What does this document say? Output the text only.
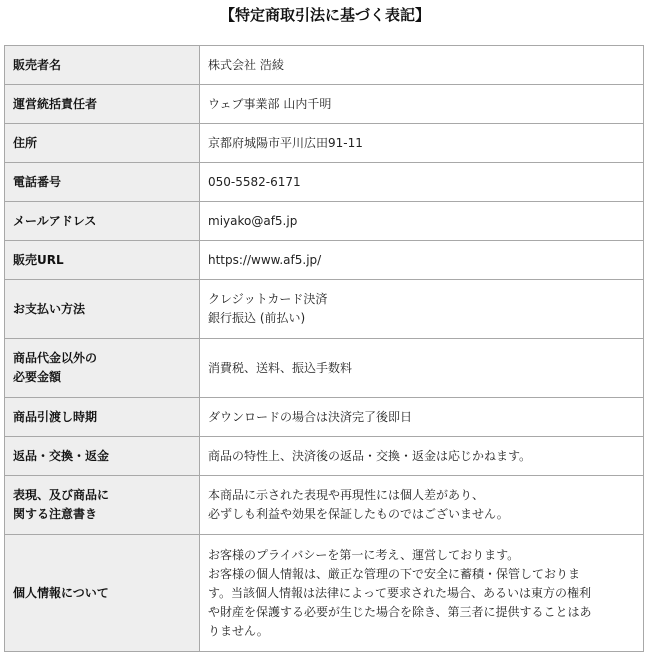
【特定商取引法に基づく表記】
販売者名	株式会社 浩綾

運営統括責任者	ウェブ事業部 山内千明

住所	京都府城陽市平川広田91-11

電話番号	050-5582-6171

メールアドレス	miyako@af5.jp

販売URL	https://www.af5.jp/

お支払い方法	クレジットカード決済
銀行振込 (前払い)

商品代金以外の
必要金額	消費税、送料、振込手数料

商品引渡し時期	ダウンロードの場合は決済完了後即日

返品・交換・返金	商品の特性上、決済後の返品・交換・返金は応じかねます。

表現、及び商品に
関する注意書き	本商品に示された表現や再現性には個人差があり、
必ずしも利益や効果を保証したものではございません。

個人情報について	お客様のプライバシーを第一に考え、運営しております。
お客様の個人情報は、厳正な管理の下で安全に蓄積・保管しておりま
す。当該個人情報は法律によって要求された場合、あるいは東方の権利
や財産を保護する必要が生じた場合を除き、第三者に提供することはあ
りません。
